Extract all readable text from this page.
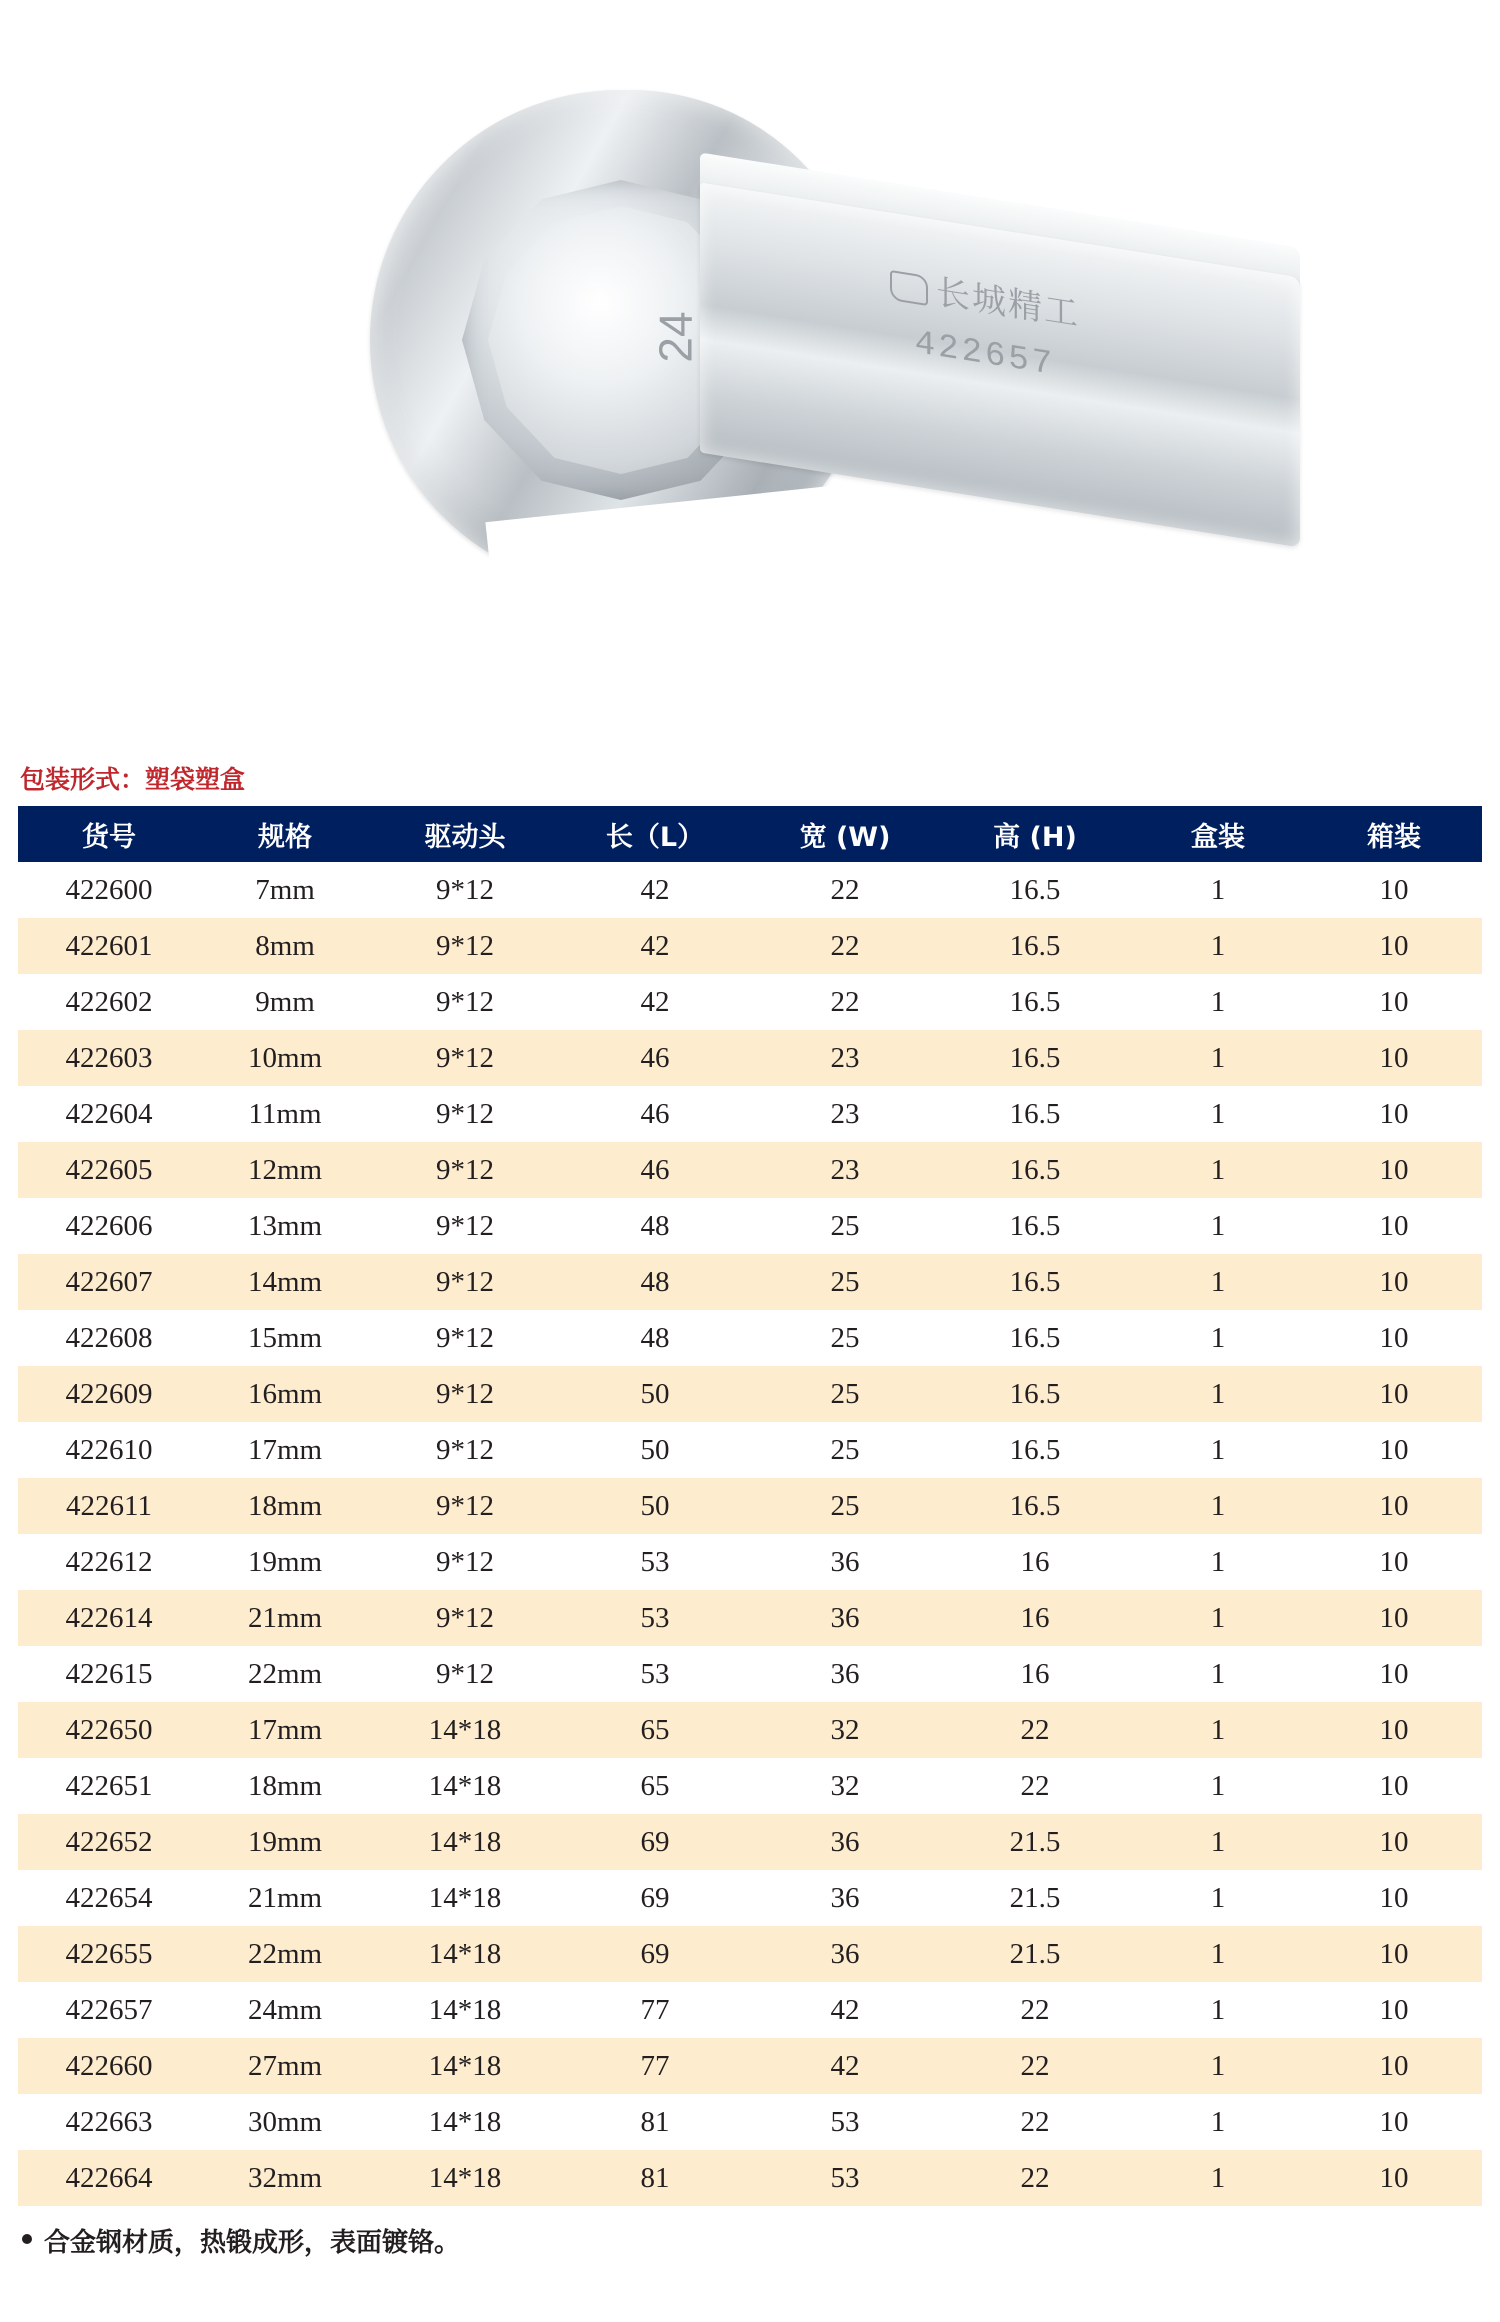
24
长城精工
422657
包装形式：塑袋塑盒
货号	规格	驱动头	长（L）	宽 (W)	高 (H)	盒装	箱装
422600	7mm	9*12	42	22	16.5	1	10
422601	8mm	9*12	42	22	16.5	1	10
422602	9mm	9*12	42	22	16.5	1	10
422603	10mm	9*12	46	23	16.5	1	10
422604	11mm	9*12	46	23	16.5	1	10
422605	12mm	9*12	46	23	16.5	1	10
422606	13mm	9*12	48	25	16.5	1	10
422607	14mm	9*12	48	25	16.5	1	10
422608	15mm	9*12	48	25	16.5	1	10
422609	16mm	9*12	50	25	16.5	1	10
422610	17mm	9*12	50	25	16.5	1	10
422611	18mm	9*12	50	25	16.5	1	10
422612	19mm	9*12	53	36	16	1	10
422614	21mm	9*12	53	36	16	1	10
422615	22mm	9*12	53	36	16	1	10
422650	17mm	14*18	65	32	22	1	10
422651	18mm	14*18	65	32	22	1	10
422652	19mm	14*18	69	36	21.5	1	10
422654	21mm	14*18	69	36	21.5	1	10
422655	22mm	14*18	69	36	21.5	1	10
422657	24mm	14*18	77	42	22	1	10
422660	27mm	14*18	77	42	22	1	10
422663	30mm	14*18	81	53	22	1	10
422664	32mm	14*18	81	53	22	1	10
合金钢材质，热锻成形，表面镀铬。
